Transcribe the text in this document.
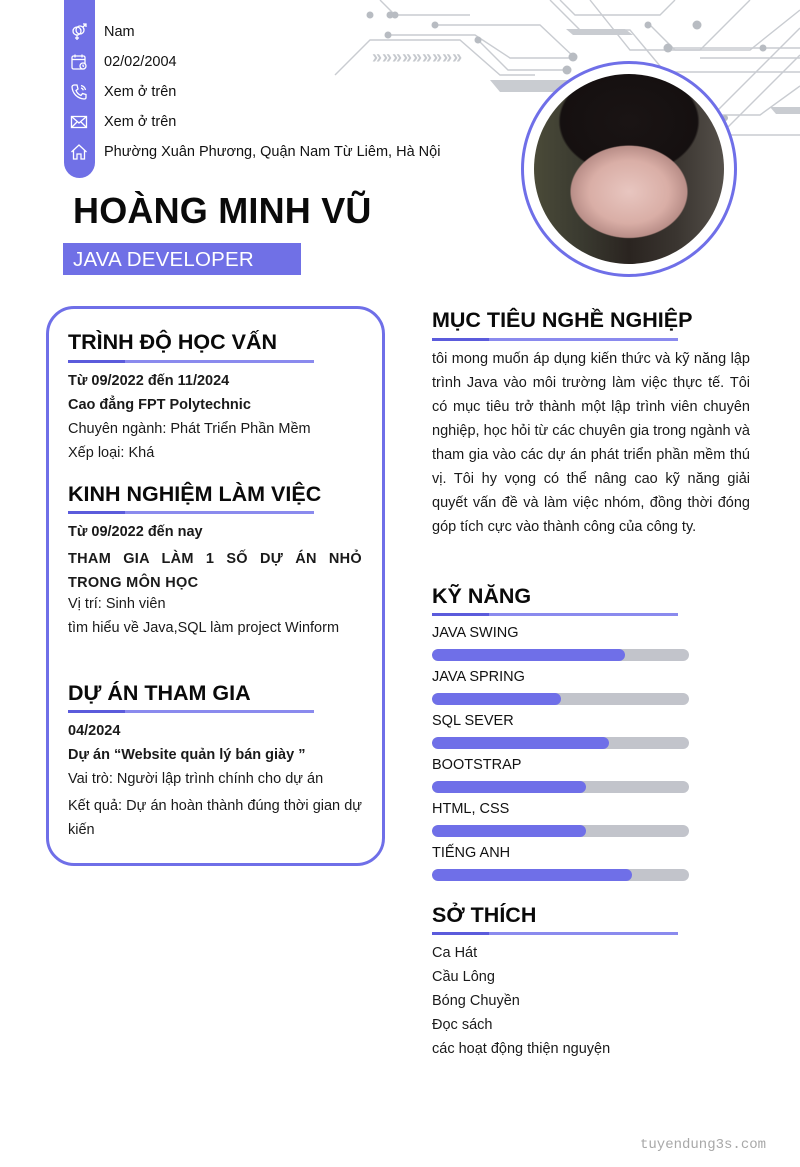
»»»»»»»»»
Nam
02/02/2004
Xem ở trên
Xem ở trên
Phường Xuân Phương, Quận Nam Từ Liêm, Hà Nội
HOÀNG MINH VŨ
JAVA DEVELOPER
TRÌNH ĐỘ HỌC VẤN
Từ 09/2022 đến 11/2024
Cao đẳng FPT Polytechnic
Chuyên ngành: Phát Triển Phần Mềm
Xếp loại: Khá
KINH NGHIỆM LÀM VIỆC
Từ 09/2022 đến nay
THAM GIA LÀM 1 SỐ DỰ ÁN NHỎ TRONG MÔN HỌC
Vị trí: Sinh viên
tìm hiểu về Java,SQL làm project Winform
DỰ ÁN THAM GIA
04/2024
Dự án “Website quản lý bán giày ”
Vai trò: Người lập trình chính cho dự án
Kết quả: Dự án hoàn thành đúng thời gian dự kiến
MỤC TIÊU NGHỀ NGHIỆP
tôi mong muốn áp dụng kiến thức và kỹ năng lập trình Java vào môi trường làm việc thực tế. Tôi có mục tiêu trở thành một lập trình viên chuyên nghiệp, học hỏi từ các chuyên gia trong ngành và tham gia vào các dự án phát triển phần mềm thú vị. Tôi hy vọng có thể nâng cao kỹ năng giải quyết vấn đề và làm việc nhóm, đồng thời đóng góp tích cực vào thành công của công ty.
KỸ NĂNG
JAVA SWING
JAVA SPRING
SQL SEVER
BOOTSTRAP
HTML, CSS
TIẾNG ANH
SỞ THÍCH
Ca Hát
Cầu Lông
Bóng Chuyền
Đọc sách
các hoạt động thiện nguyện
tuyendung3s.com
